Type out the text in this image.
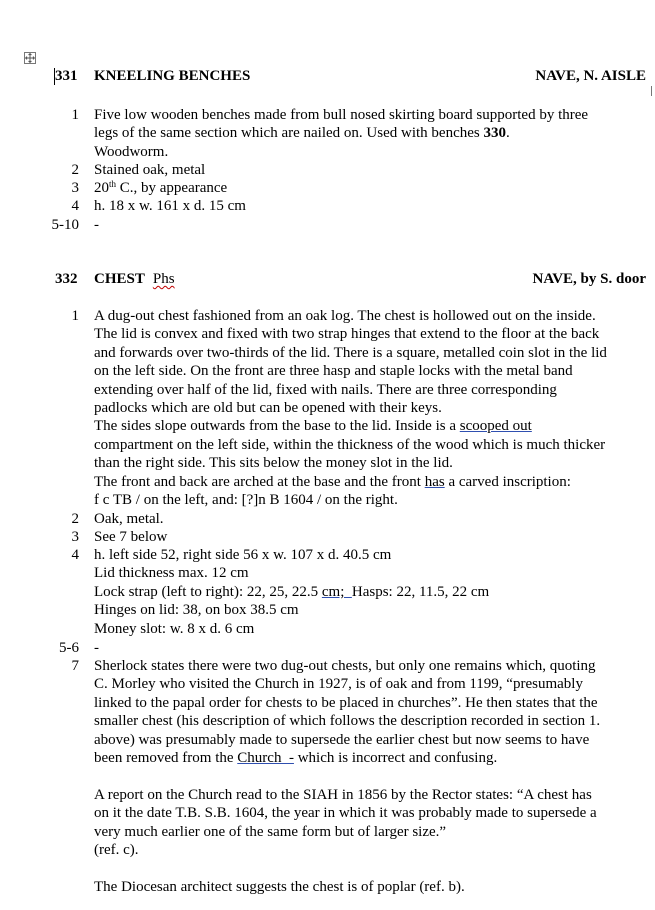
331 KNEELING BENCHES	NAVE, N. AISLE
1 Five low wooden benches made from bull nosed skirting board supported by three
legs of the same section which are nailed on. Used with benches 330.
Woodworm.
2 Stained oak, metal
3 20th C., by appearance
4 h. 18 x w. 161 x d. 15 cm
5-10 -
332 CHEST Phs	NAVE, by S. door
1 A dug-out chest fashioned from an oak log. The chest is hollowed out on the inside.
The lid is convex and fixed with two strap hinges that extend to the floor at the back
and forwards over two-thirds of the lid. There is a square, metalled coin slot in the lid
on the left side. On the front are three hasp and staple locks with the metal band
extending over half of the lid, fixed with nails. There are three corresponding
padlocks which are old but can be opened with their keys.
The sides slope outwards from the base to the lid. Inside is a scooped out
compartment on the left side, within the thickness of the wood which is much thicker
than the right side. This sits below the money slot in the lid.
The front and back are arched at the base and the front has a carved inscription:
f c TB / on the left, and: [?]n B 1604 / on the right.
2 Oak, metal.
3 See 7 below
4 h. left side 52, right side 56 x w. 107 x d. 40.5 cm
Lid thickness max. 12 cm
Lock strap (left to right): 22, 25, 22.5 cm;  Hasps: 22, 11.5, 22 cm
Hinges on lid: 38, on box 38.5 cm
Money slot: w. 8 x d. 6 cm
5-6 -
7 Sherlock states there were two dug-out chests, but only one remains which, quoting
C. Morley who visited the Church in 1927, is of oak and from 1199, “presumably
linked to the papal order for chests to be placed in churches”. He then states that the
smaller chest (his description of which follows the description recorded in section 1.
above) was presumably made to supersede the earlier chest but now seems to have
been removed from the Church  - which is incorrect and confusing.
A report on the Church read to the SIAH in 1856 by the Rector states: “A chest has
on it the date T.B. S.B. 1604, the year in which it was probably made to supersede a
very much earlier one of the same form but of larger size.”
(ref. c).
The Diocesan architect suggests the chest is of poplar (ref. b).
